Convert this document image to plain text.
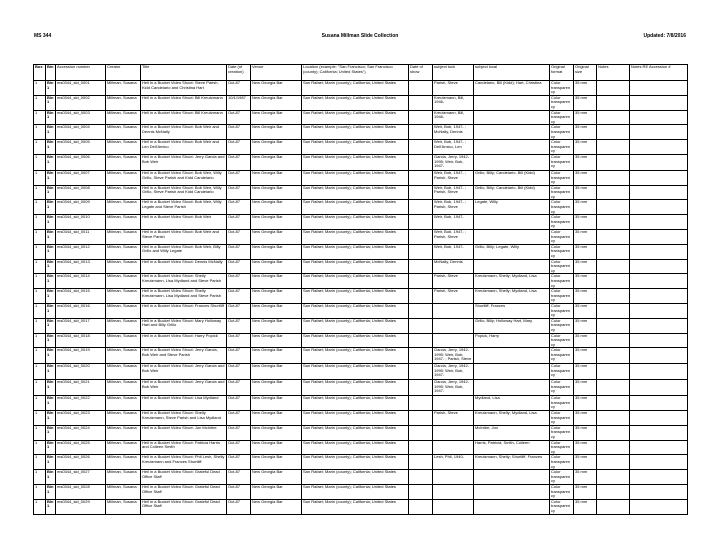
MS 344	Susana Millman Slide Collection	Updated: 7/8/2016
Box	Bin	Accession number	Creator	Title	Date (of creation)	Venue	Location (example: "San Francisco; San Francisco (county); California; United States")	Date of show	subject tock	subject local	Original format	Original size	Notes	Notes RE Accession #
1	Bin 1	ms0344_sld_0001	Millman, Susana	Hell in a Bucket Video Shoot: Steve Parish, Kidd Candelario and Christina Hart	Oct-87	New Georgia Bar	San Rafael; Marin (county); California; United States		Parish, Steve	Candelario, Bill (Kidd); Hart, Christina	Color transparency	35 mm		
1	Bin 1	ms0344_sld_0002	Millman, Susana	Hell in a Bucket Video Shoot: Bill Kreutzmann	10/1/1987	New Georgia Bar	San Rafael; Marin (county); California; United States		Kreutzmann, Bill, 1946-		Color transparency	35 mm		
1	Bin 1	ms0344_sld_0003	Millman, Susana	Hell in a Bucket Video Shoot: Bill Kreutzmann	Oct-87	New Georgia Bar	San Rafael; Marin (county); California; United States		Kreutzmann, Bill, 1946-		Color transparency	35 mm		
1	Bin 1	ms0344_sld_0004	Millman, Susana	Hell in a Bucket Video Shoot: Bob Weir and Dennis McNally	Oct-87	New Georgia Bar	San Rafael; Marin (county); California; United States		Weir, Bob, 1947- ; McNally, Dennis		Color transparency	35 mm		
1	Bin 1	ms0344_sld_0005	Millman, Susana	Hell in a Bucket Video Shoot: Bob Weir and Len Dell'Amico	Oct-87	New Georgia Bar	San Rafael; Marin (county); California; United States		Weir, Bob, 1947- ; Dell'Amico, Len		Color transparency	35 mm		
1	Bin 1	ms0344_sld_0006	Millman, Susana	Hell in a Bucket Video Shoot: Jerry Garcia and Bob Weir	Oct-87	New Georgia Bar	San Rafael; Marin (county); California; United States		Garcia, Jerry, 1942-1995; Weir, Bob, 1947-		Color transparency	35 mm		
1	Bin 1	ms0344_sld_0007	Millman, Susana	Hell in a Bucket Video Shoot: Bob Weir, Willy Grillo, Steve Parish and Kidd Candelario	Oct-87	New Georgia Bar	San Rafael; Marin (county); California; United States		Weir, Bob, 1947- ; Parish, Steve	Grillo, Billy; Candelario, Bill (Kidd)	Color transparency	35 mm		
1	Bin 1	ms0344_sld_0008	Millman, Susana	Hell in a Bucket Video Shoot: Bob Weir, Willy Grillo, Steve Parish and Kidd Candelario	Oct-87	New Georgia Bar	San Rafael; Marin (county); California; United States		Weir, Bob, 1947- ; Parish, Steve	Grillo, Billy; Candelario, Bill (Kidd)	Color transparency	35 mm		
1	Bin 1	ms0344_sld_0009	Millman, Susana	Hell in a Bucket Video Shoot: Bob Weir, Willy Legate and Steve Parish	Oct-87	New Georgia Bar	San Rafael; Marin (county); California; United States		Weir, Bob, 1947- ; Parish, Steve	Legate, Willy	Color transparency	35 mm		
1	Bin 1	ms0344_sld_0010	Millman, Susana	Hell in a Bucket Video Shoot: Bob Weir	Oct-87	New Georgia Bar	San Rafael; Marin (county); California; United States		Weir, Bob, 1947-		Color transparency	35 mm		
1	Bin 1	ms0344_sld_0011	Millman, Susana	Hell in a Bucket Video Shoot: Bob Weir and Steve Parish	Oct-87	New Georgia Bar	San Rafael; Marin (county); California; United States		Weir, Bob, 1947- ; Parish, Steve		Color transparency	35 mm		
1	Bin 1	ms0344_sld_0012	Millman, Susana	Hell in a Bucket Video Shoot: Bob Weir, Billy Grillo and Willy Legate	Oct-87	New Georgia Bar	San Rafael; Marin (county); California; United States		Weir, Bob, 1947-	Grillo, Billy; Legate, Willy	Color transparency	35 mm		
1	Bin 1	ms0344_sld_0013	Millman, Susana	Hell in a Bucket Video Shoot: Dennis McNally	Oct-87	New Georgia Bar	San Rafael; Marin (county); California; United States		McNally, Dennis		Color transparency	35 mm		
1	Bin 1	ms0344_sld_0014	Millman, Susana	Hell in a Bucket Video Shoot: Shelly Kreutzmann, Lisa Mydland and Steve Parish	Oct-87	New Georgia Bar	San Rafael; Marin (county); California; United States		Parish, Steve	Kreutzmann, Shelly; Mydland, Lisa	Color transparency	35 mm		
1	Bin 1	ms0344_sld_0015	Millman, Susana	Hell in a Bucket Video Shoot: Shelly Kreutzmann, Lisa Mydland and Steve Parish	Oct-87	New Georgia Bar	San Rafael; Marin (county); California; United States		Parish, Steve	Kreutzmann, Shelly; Mydland, Lisa	Color transparency	35 mm		
1	Bin 1	ms0344_sld_0016	Millman, Susana	Hell in a Bucket Video Shoot: Frances Shurtliff	Oct-87	New Georgia Bar	San Rafael; Marin (county); California; United States			Shurtliff, Frances	Color transparency	35 mm		
1	Bin 1	ms0344_sld_0017	Millman, Susana	Hell in a Bucket Video Shoot: Mary Holloway Hart and Billy Grillo	Oct-87	New Georgia Bar	San Rafael; Marin (county); California; United States			Grillo, Billy; Holloway Hart, Mary	Color transparency	35 mm		
1	Bin 1	ms0344_sld_0018	Millman, Susana	Hell in a Bucket Video Shoot: Harry Popick	Oct-87	New Georgia Bar	San Rafael; Marin (county); California; United States			Popick, Harry	Color transparency	35 mm		
1	Bin 1	ms0344_sld_0019	Millman, Susana	Hell in a Bucket Video Shoot: Jerry Garcia, Bob Weir and Steve Parish	Oct-87	New Georgia Bar	San Rafael; Marin (county); California; United States		Garcia, Jerry, 1942-1995; Weir, Bob, 1947- ; Parish, Steve		Color transparency	35 mm		
1	Bin 1	ms0344_sld_0020	Millman, Susana	Hell in a Bucket Video Shoot: Jerry Garcia and Bob Weir	Oct-87	New Georgia Bar	San Rafael; Marin (county); California; United States		Garcia, Jerry, 1942-1995; Weir, Bob, 1947-		Color transparency	35 mm		
1	Bin 1	ms0344_sld_0021	Millman, Susana	Hell in a Bucket Video Shoot: Jerry Garcia and Bob Weir	Oct-87	New Georgia Bar	San Rafael; Marin (county); California; United States		Garcia, Jerry, 1942-1995; Weir, Bob, 1947-		Color transparency	35 mm		
1	Bin 1	ms0344_sld_0022	Millman, Susana	Hell in a Bucket Video Shoot: Lisa Mydland	Oct-87	New Georgia Bar	San Rafael; Marin (county); California; United States			Mydland, Lisa	Color transparency	35 mm		
1	Bin 1	ms0344_sld_0023	Millman, Susana	Hell in a Bucket Video Shoot: Shelly Kreutzmann, Steve Parish and Lisa Mydland	Oct-87	New Georgia Bar	San Rafael; Marin (county); California; United States		Parish, Steve	Kreutzmann, Shelly; Mydland, Lisa	Color transparency	35 mm		
1	Bin 1	ms0344_sld_0024	Millman, Susana	Hell in a Bucket Video Shoot: Jon McIntire	Oct-87	New Georgia Bar	San Rafael; Marin (county); California; United States			McIntire, Jon	Color transparency	35 mm		
1	Bin 1	ms0344_sld_0025	Millman, Susana	Hell in a Bucket Video Shoot: Patricia Harris and Colleen Smith	Oct-87	New Georgia Bar	San Rafael; Marin (county); California; United States			Harris, Patricia; Smith, Colleen	Color transparency	35 mm		
1	Bin 1	ms0344_sld_0026	Millman, Susana	Hell in a Bucket Video Shoot: Phil Lesh, Shelly Kreutzmann and Frances Shurtliff	Oct-87	New Georgia Bar	San Rafael; Marin (county); California; United States		Lesh, Phil, 1940-	Kreutzmann, Shelly; Shurtliff, Frances	Color transparency	35 mm		
1	Bin 1	ms0344_sld_0027	Millman, Susana	Hell in a Bucket Video Shoot: Grateful Dead Office Staff	Oct-87	New Georgia Bar	San Rafael; Marin (county); California; United States				Color transparency	35 mm		
1	Bin 1	ms0344_sld_0028	Millman, Susana	Hell in a Bucket Video Shoot: Grateful Dead Office Staff	Oct-87	New Georgia Bar	San Rafael; Marin (county); California; United States				Color transparency	35 mm		
1	Bin 1	ms0344_sld_0029	Millman, Susana	Hell in a Bucket Video Shoot: Grateful Dead Office Staff	Oct-87	New Georgia Bar	San Rafael; Marin (county); California; United States				Color transparency	35 mm		
